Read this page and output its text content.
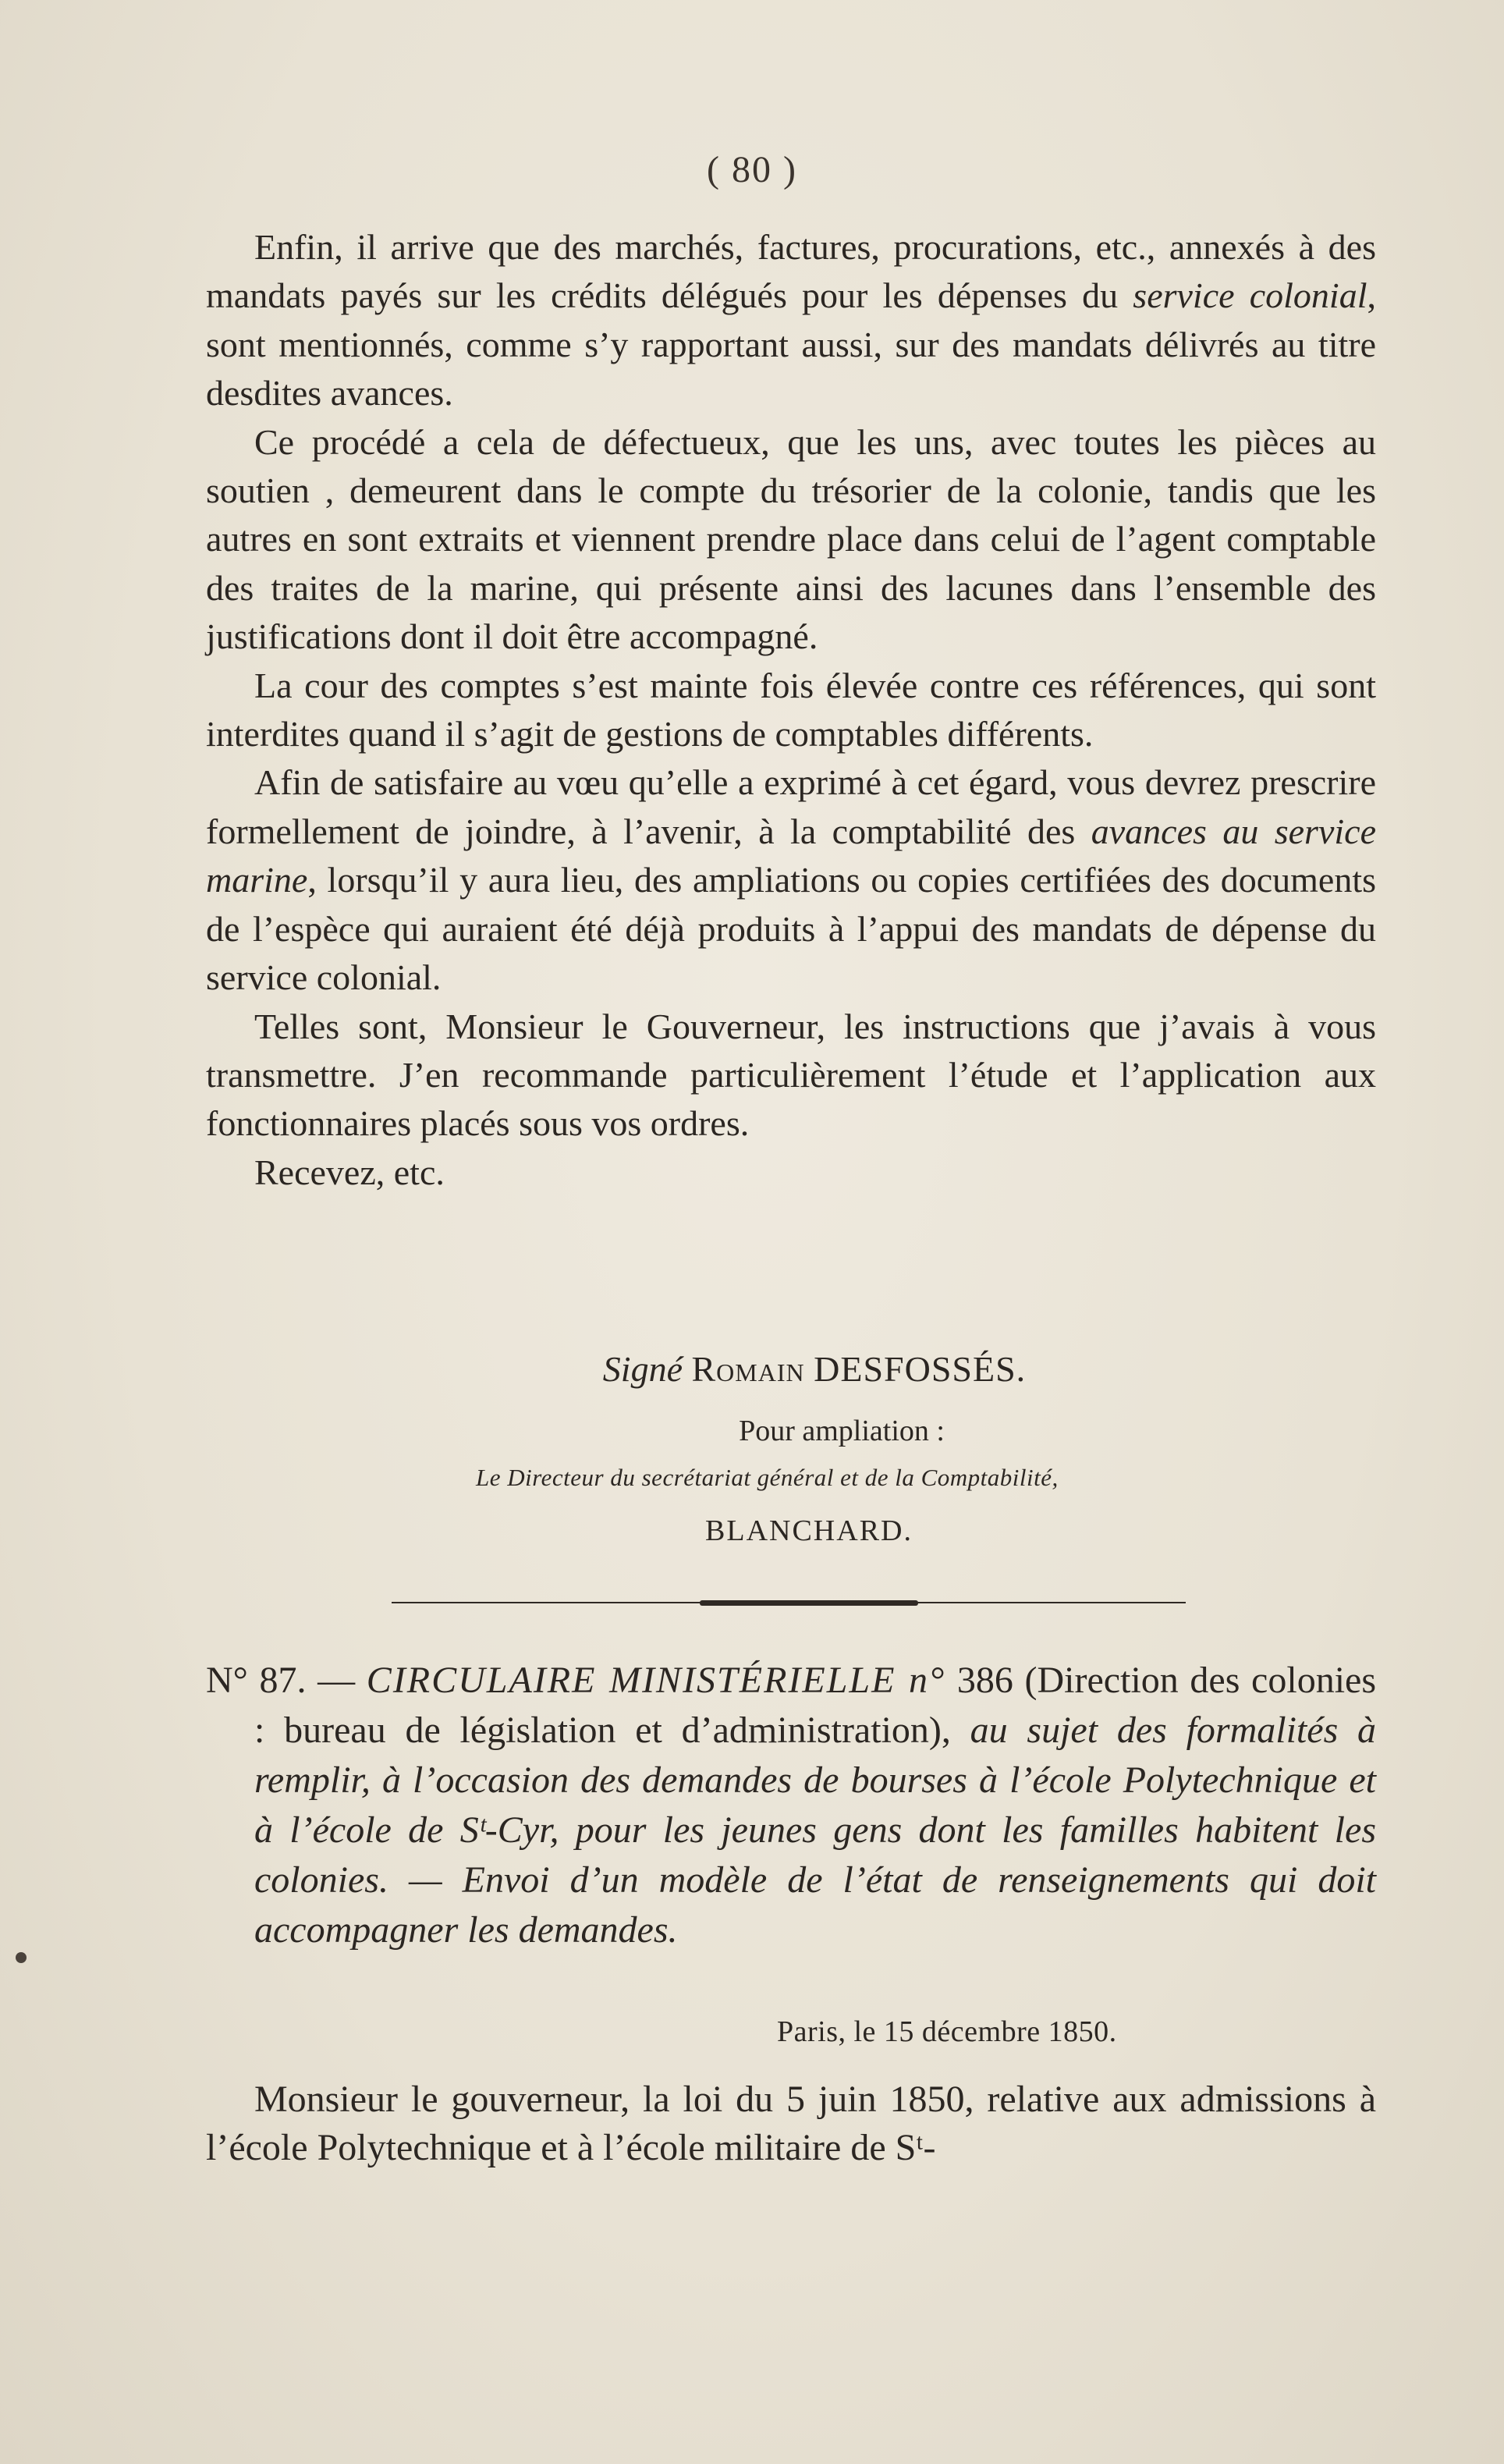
( 80 )

Enfin, il arrive que des marchés, factures, procurations, etc., annexés à des mandats payés sur les crédits délégués pour les dépenses du service colonial, sont mentionnés, comme s’y rapportant aussi, sur des mandats délivrés au titre desdites avances.

Ce procédé a cela de défectueux, que les uns, avec toutes les pièces au soutien , demeurent dans le compte du trésorier de la colonie, tandis que les autres en sont extraits et viennent prendre place dans celui de l’agent comptable des traites de la marine, qui présente ainsi des lacunes dans l’ensemble des justifications dont il doit être accompagné.

La cour des comptes s’est mainte fois élevée contre ces références, qui sont interdites quand il s’agit de gestions de comptables différents.

Afin de satisfaire au vœu qu’elle a exprimé à cet égard, vous devrez prescrire formellement de joindre, à l’avenir, à la comptabilité des avances au service marine, lorsqu’il y aura lieu, des ampliations ou copies certifiées des documents de l’espèce qui auraient été déjà produits à l’appui des mandats de dépense du service colonial.

Telles sont, Monsieur le Gouverneur, les instructions que j’avais à vous transmettre. J’en recommande particulièrement l’étude et l’application aux fonctionnaires placés sous vos ordres.

Recevez, etc.

Signé Romain DESFOSSÉS.
Pour ampliation :
Le Directeur du secrétariat général et de la Comptabilité,
BLANCHARD.

N° 87. — CIRCULAIRE MINISTÉRIELLE n° 386 (Direction des colonies : bureau de législation et d’administration), au sujet des formalités à remplir, à l’occasion des demandes de bourses à l’école Polytechnique et à l’école de Sᵗ-Cyr, pour les jeunes gens dont les familles habitent les colonies. — Envoi d’un modèle de l’état de renseignements qui doit accompagner les demandes.

Paris, le 15 décembre 1850.

Monsieur le gouverneur, la loi du 5 juin 1850, relative aux admissions à l’école Polytechnique et à l’école militaire de Sᵗ-
